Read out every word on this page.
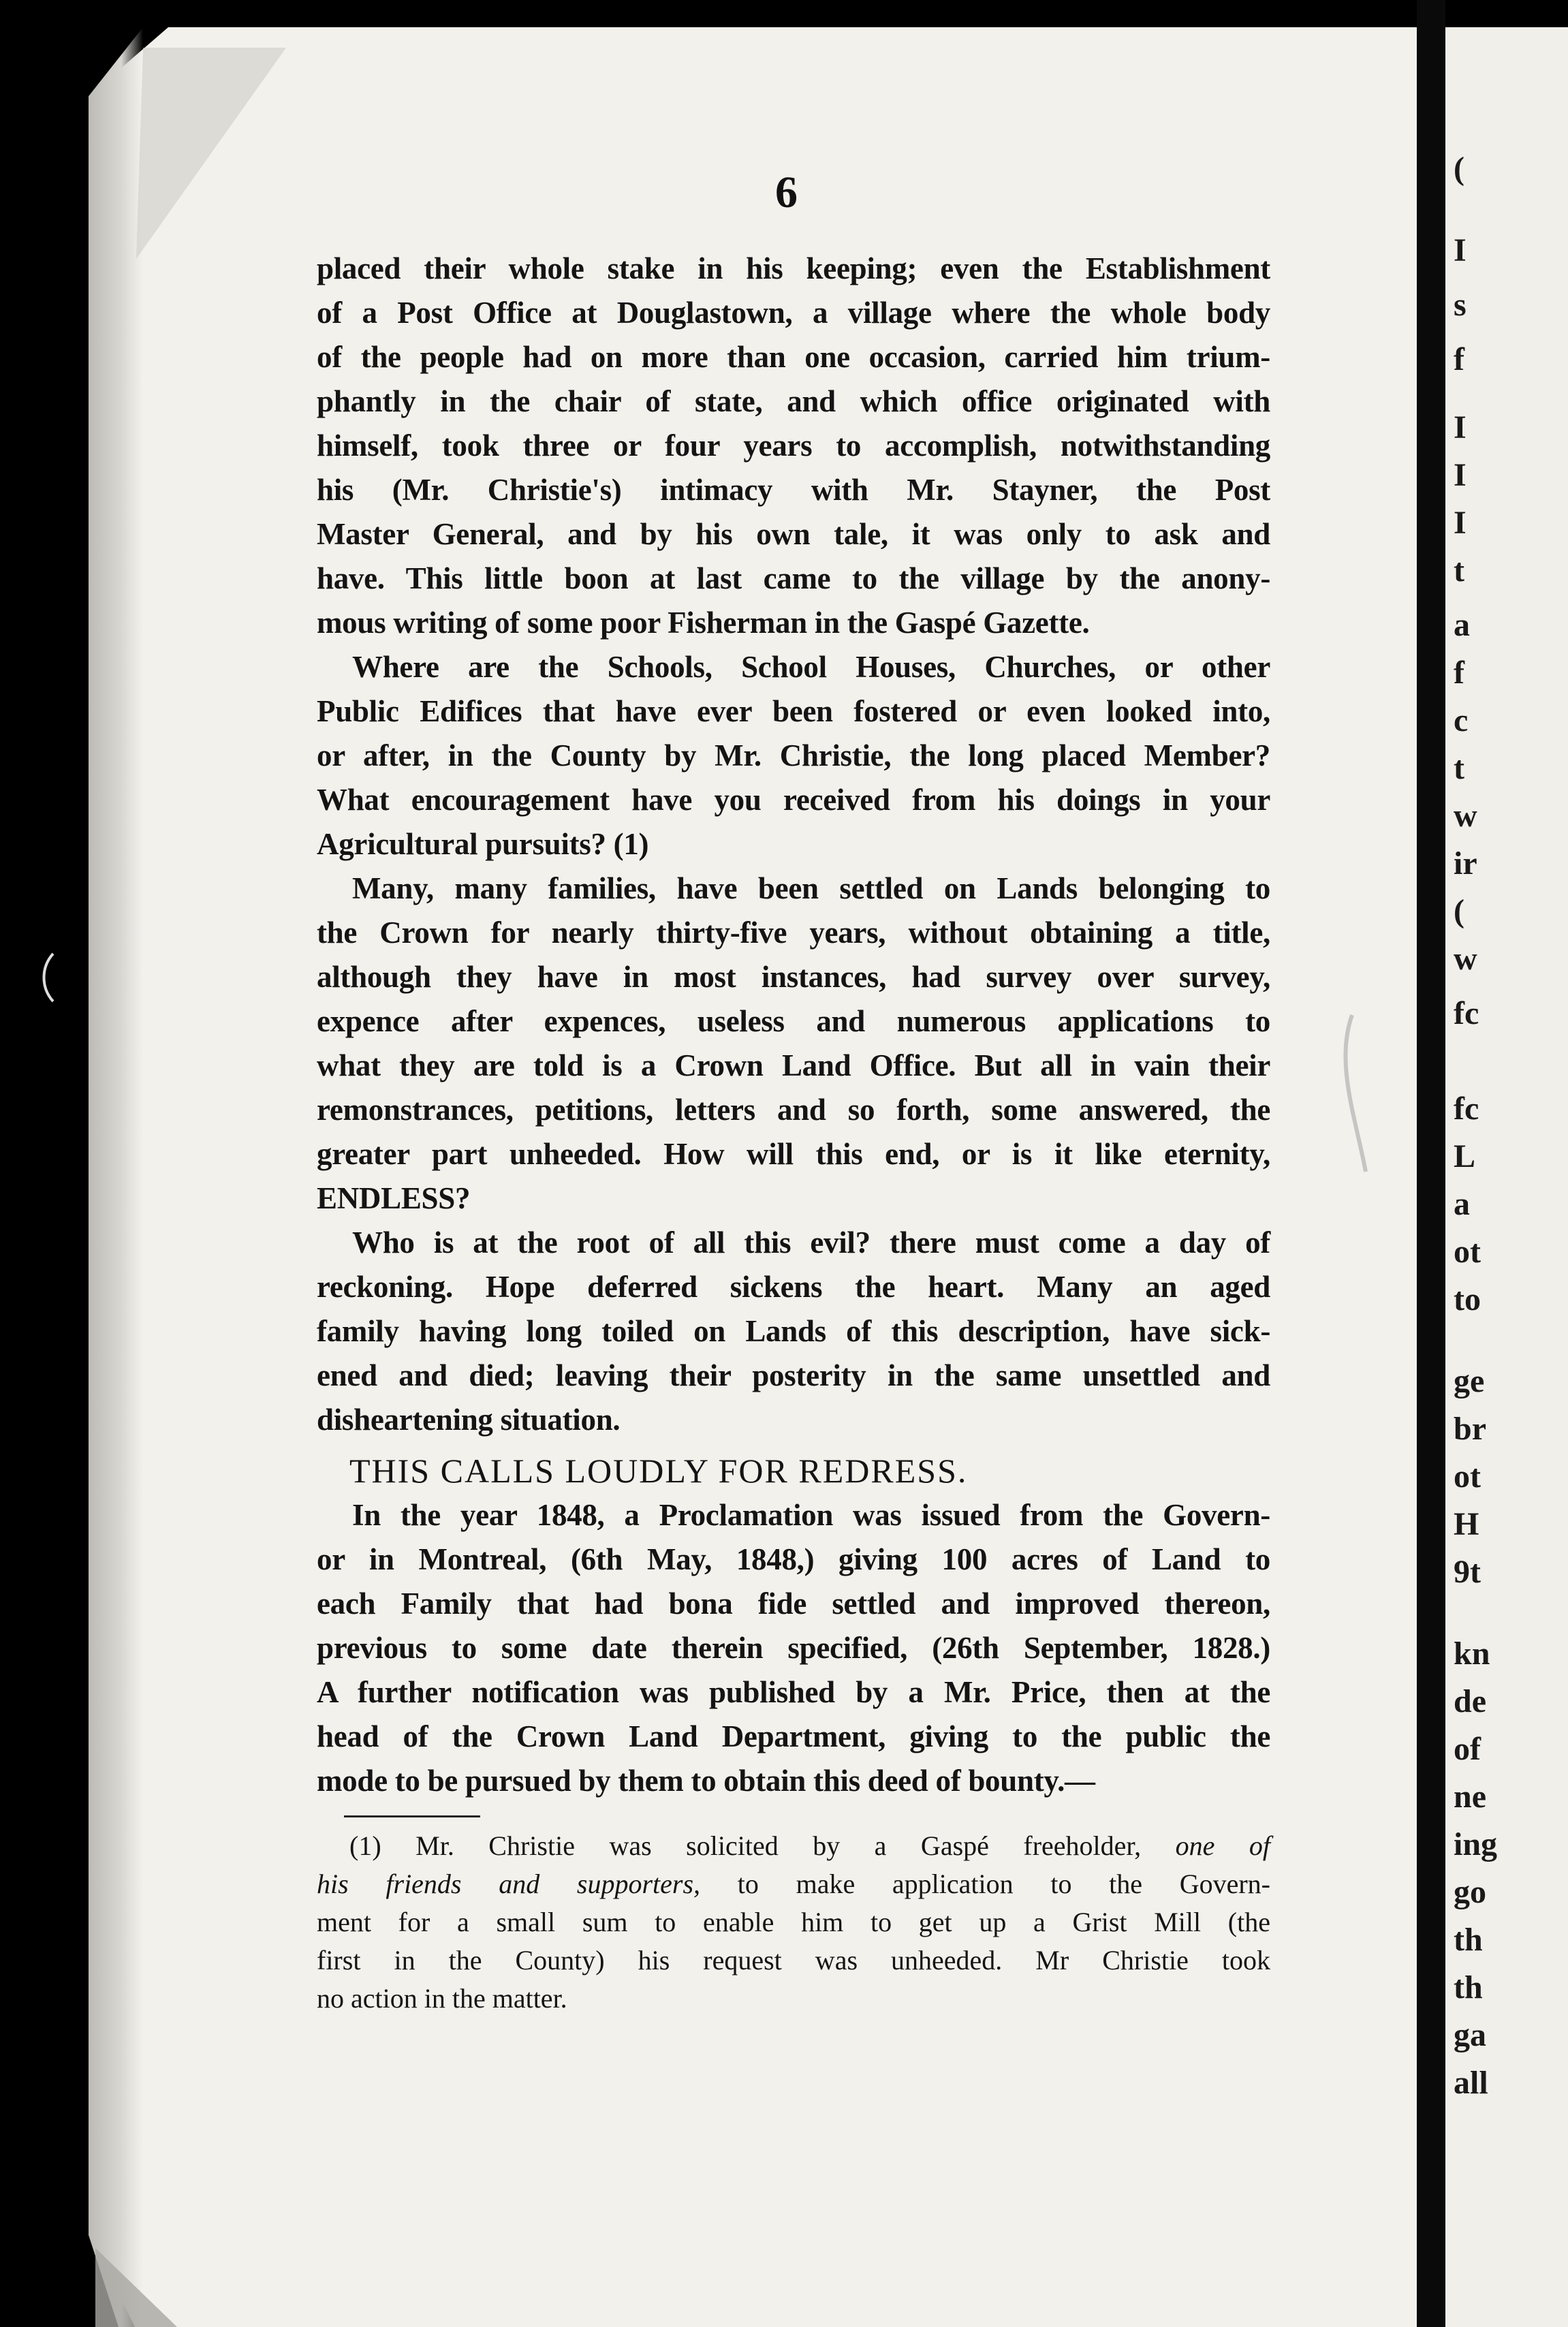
(
I
s
f
I
I
I
t
a
f
c
t
w
ir
(
w
fc
fc
L
a
ot
to
ge
br
ot
H
9t
kn
de
of
ne
ing
go
th
th
ga
all
6
placed their whole stake in his keeping; even the Establishment
of a Post Office at Douglastown, a village where the whole body
of the people had on more than one occasion, carried him trium-
phantly in the chair of state, and which office originated with
himself, took three or four years to accomplish, notwithstanding
his (Mr. Christie's) intimacy with Mr. Stayner, the Post
Master General, and by his own tale, it was only to ask and
have. This little boon at last came to the village by the anony-
mous writing of some poor Fisherman in the Gaspé Gazette.
Where are the Schools, School Houses, Churches, or other
Public Edifices that have ever been fostered or even looked into,
or after, in the County by Mr. Christie, the long placed Member?
What encouragement have you received from his doings in your
Agricultural pursuits? (1)
Many, many families, have been settled on Lands belonging to
the Crown for nearly thirty-five years, without obtaining a title,
although they have in most instances, had survey over survey,
expence after expences, useless and numerous applications to
what they are told is a Crown Land Office. But all in vain their
remonstrances, petitions, letters and so forth, some answered, the
greater part unheeded. How will this end, or is it like eternity,
ENDLESS?
Who is at the root of all this evil? there must come a day of
reckoning. Hope deferred sickens the heart. Many an aged
family having long toiled on Lands of this description, have sick-
ened and died; leaving their posterity in the same unsettled and
disheartening situation.
THIS CALLS LOUDLY FOR REDRESS.
In the year 1848, a Proclamation was issued from the Govern-
or in Montreal, (6th May, 1848,) giving 100 acres of Land to
each Family that had bona fide settled and improved thereon,
previous to some date therein specified, (26th September, 1828.)
A further notification was published by a Mr. Price, then at the
head of the Crown Land Department, giving to the public the
mode to be pursued by them to obtain this deed of bounty.—
(1) Mr. Christie was solicited by a Gaspé freeholder, one of
his friends and supporters, to make application to the Govern-
ment for a small sum to enable him to get up a Grist Mill (the
first in the County) his request was unheeded. Mr Christie took
no action in the matter.
